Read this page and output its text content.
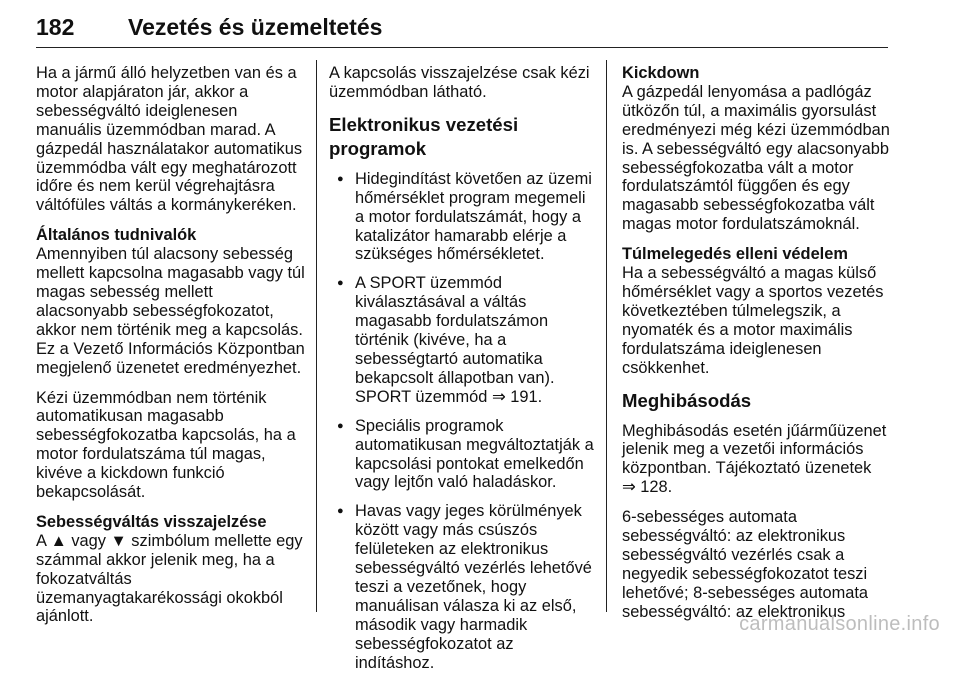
182 Vezetés és üzemeltetés

Ha a jármű álló helyzetben van és a
motor alapjáraton jár, akkor a
sebességváltó ideiglenesen
manuális üzemmódban marad. A
gázpedál használatakor automatikus
üzemmódba vált egy meghatározott
időre és nem kerül végrehajtásra
váltófüles váltás a kormánykeréken.

Általános tudnivalók

Amennyiben túl alacsony sebesség
mellett kapcsolna magasabb vagy túl
magas sebesség mellett
alacsonyabb sebességfokozatot,
akkor nem történik meg a kapcsolás.
Ez a Vezető Információs Központban
megjelenő üzenetet eredményezhet.

Kézi üzemmódban nem történik
automatikusan magasabb
sebességfokozatba kapcsolás, ha a
motor fordulatszáma túl magas,
kivéve a kickdown funkció
bekapcsolását.

Sebességváltás visszajelzése

A ▲ vagy ▼ szimbólum mellette egy
számmal akkor jelenik meg, ha a
fokozatváltás
üzemanyagtakarékossági okokból
ajánlott.

A kapcsolás visszajelzése csak kézi
üzemmódban látható.

Elektronikus vezetési programok

● Hidegindítást követően az üzemi
hőmérséklet program megemeli
a motor fordulatszámát, hogy a
katalizátor hamarabb elérje a
szükséges hőmérsékletet.
● A SPORT üzemmód
kiválasztásával a váltás
magasabb fordulatszámon
történik (kivéve, ha a
sebességtartó automatika
bekapcsolt állapotban van).
SPORT üzemmód ⇒ 191.
● Speciális programok
automatikusan megváltoztatják a
kapcsolási pontokat emelkedőn
vagy lejtőn való haladáskor.
● Havas vagy jeges körülmények
között vagy más csúszós
felületeken az elektronikus
sebességváltó vezérlés lehetővé
teszi a vezetőnek, hogy
manuálisan válasza ki az első,
második vagy harmadik
sebességfokozatot az
indításhoz.

Kickdown

A gázpedál lenyomása a padlógáz
ütközőn túl, a maximális gyorsulást
eredményezi még kézi üzemmódban
is. A sebességváltó egy alacsonyabb
sebességfokozatba vált a motor
fordulatszámtól függően és egy
magasabb sebességfokozatba vált
magas motor fordulatszámoknál.

Túlmelegedés elleni védelem

Ha a sebességváltó a magas külső
hőmérséklet vagy a sportos vezetés
következtében túlmelegszik, a
nyomaték és a motor maximális
fordulatszáma ideiglenesen
csökkenhet.

Meghibásodás

Meghibásodás esetén jűárműüzenet
jelenik meg a vezetői információs
központban. Tájékoztató üzenetek
⇒ 128.

6-sebességes automata
sebességváltó: az elektronikus
sebességváltó vezérlés csak a
negyedik sebességfokozatot teszi
lehetővé; 8-sebességes automata
sebességváltó: az elektronikus

carmanualsonline.info
